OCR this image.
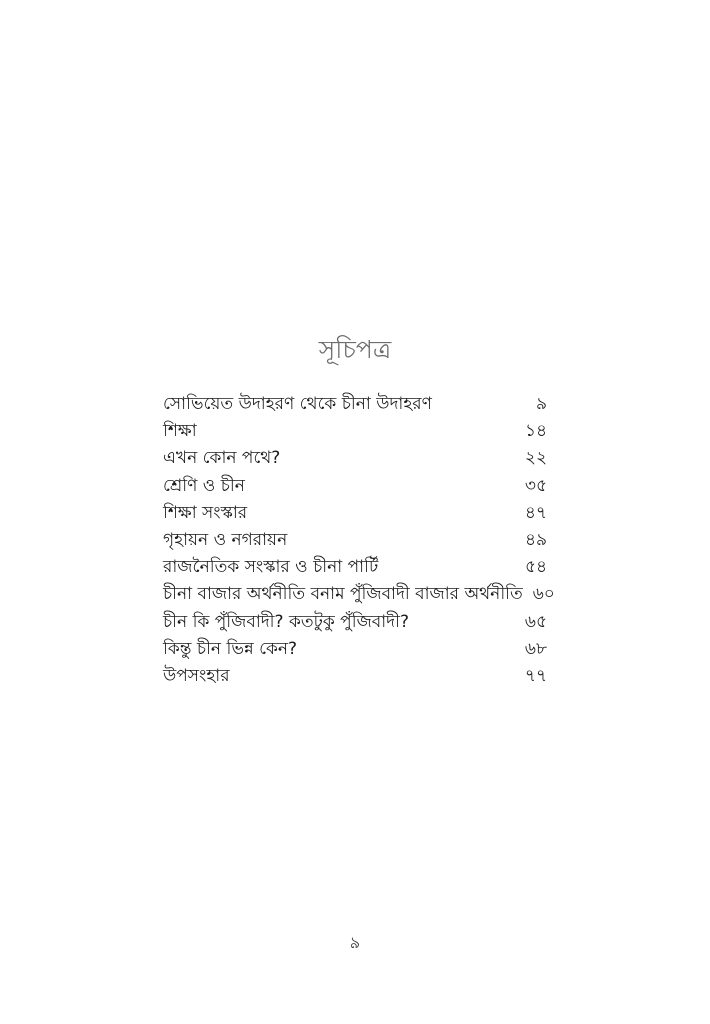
সূচিপত্র
সোভিয়েত উদাহরণ থেকে চীনা উদাহরণ	৯
শিক্ষা	১৪
এখন কোন পথে?	২২
শ্রেণি ও চীন	৩৫
শিক্ষা সংস্কার	৪৭
গৃহায়ন ও নগরায়ন	৪৯
রাজনৈতিক সংস্কার ও চীনা পার্টি	৫৪
চীনা বাজার অর্থনীতি বনাম পুঁজিবাদী বাজার অর্থনীতি ৬০
চীন কি পুঁজিবাদী? কতটুকু পুঁজিবাদী?	৬৫
কিন্তু চীন ভিন্ন কেন?	৬৮
উপসংহার	৭৭
৯
